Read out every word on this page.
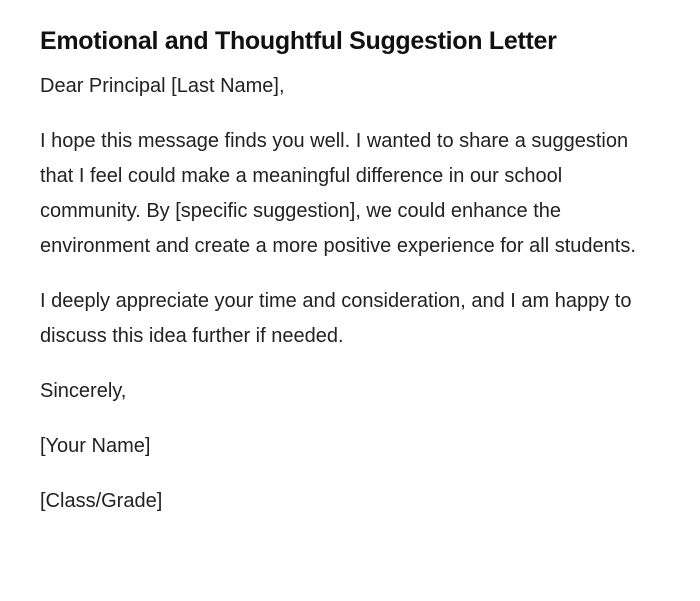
Emotional and Thoughtful Suggestion Letter

Dear Principal [Last Name],

I hope this message finds you well. I wanted to share a suggestion that I feel could make a meaningful difference in our school community. By [specific suggestion], we could enhance the environment and create a more positive experience for all students.

I deeply appreciate your time and consideration, and I am happy to discuss this idea further if needed.

Sincerely,

[Your Name]

[Class/Grade]
